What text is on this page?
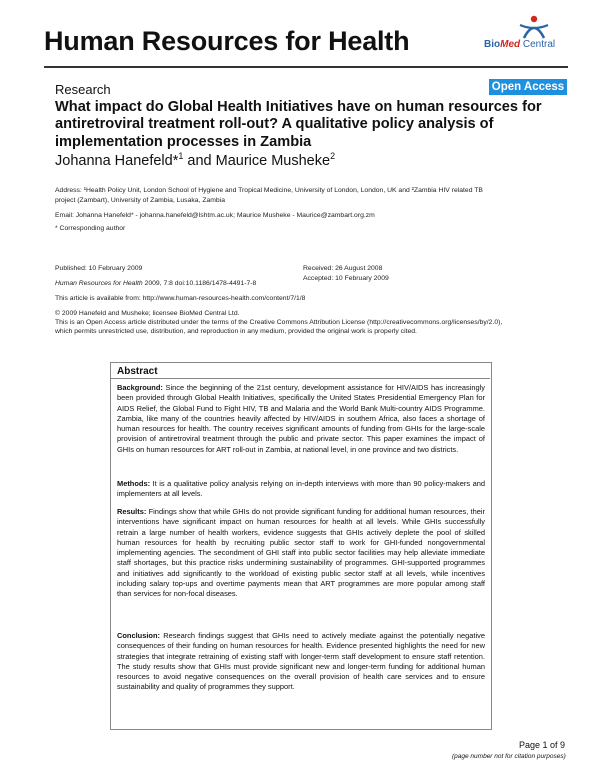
Human Resources for Health	BioMed Central
Research	Open Access
What impact do Global Health Initiatives have on human resources for antiretroviral treatment roll-out? A qualitative policy analysis of implementation processes in Zambia
Johanna Hanefeld*$^1$ and Maurice Musheke$^2$
Address: ¹Health Policy Unit, London School of Hygiene and Tropical Medicine, University of London, London, UK and ²Zambia HIV related TB
project (Zambart), University of Zambia, Lusaka, Zambia
Email: Johanna Hanefeld* - johanna.hanefeld@lshtm.ac.uk; Maurice Musheke - Maurice@zambart.org.zm
* Corresponding author
Published: 10 February 2009
Human Resources for Health 2009, 7:8 doi:10.1186/1478-4491-7-8
Received: 26 August 2008
Accepted: 10 February 2009
This article is available from: http://www.human-resources-health.com/content/7/1/8
© 2009 Hanefeld and Musheke; licensee BioMed Central Ltd.
This is an Open Access article distributed under the terms of the Creative Commons Attribution License (http://creativecommons.org/licenses/by/2.0),
which permits unrestricted use, distribution, and reproduction in any medium, provided the original work is properly cited.
Abstract
Background: Since the beginning of the 21st century, development assistance for HIV/AIDS has increasingly been provided through Global Health Initiatives, specifically the United States Presidential Emergency Plan for AIDS Relief, the Global Fund to Fight HIV, TB and Malaria and the World Bank Multi-country AIDS Programme. Zambia, like many of the countries heavily affected by HIV/AIDS in southern Africa, also faces a shortage of human resources for health. The country receives significant amounts of funding from GHIs for the large-scale provision of antiretroviral treatment through the public and private sector. This paper examines the impact of GHIs on human resources for ART roll-out in Zambia, at national level, in one province and two districts.
Methods: It is a qualitative policy analysis relying on in-depth interviews with more than 90 policy-makers and implementers at all levels.
Results: Findings show that while GHIs do not provide significant funding for additional human resources, their interventions have significant impact on human resources for health at all levels. While GHIs successfully retrain a large number of health workers, evidence suggests that GHIs actively deplete the pool of skilled human resources for health by recruiting public sector staff to work for GHI-funded nongovernmental implementing agencies. The secondment of GHI staff into public sector facilities may help alleviate immediate staff shortages, but this practice risks undermining sustainability of programmes. GHI-supported programmes and initiatives add significantly to the workload of existing public sector staff at all levels, while incentives including salary top-ups and overtime payments mean that ART programmes are more popular among staff than services for non-focal diseases.
Conclusion: Research findings suggest that GHIs need to actively mediate against the potentially negative consequences of their funding on human resources for health. Evidence presented highlights the need for new strategies that integrate retraining of existing staff with longer-term staff development to ensure staff retention. The study results show that GHIs must provide significant new and longer-term funding for additional human resources to avoid negative consequences on the overall provision of health care services and to ensure sustainability and quality of programmes they support.
Page 1 of 9
(page number not for citation purposes)
